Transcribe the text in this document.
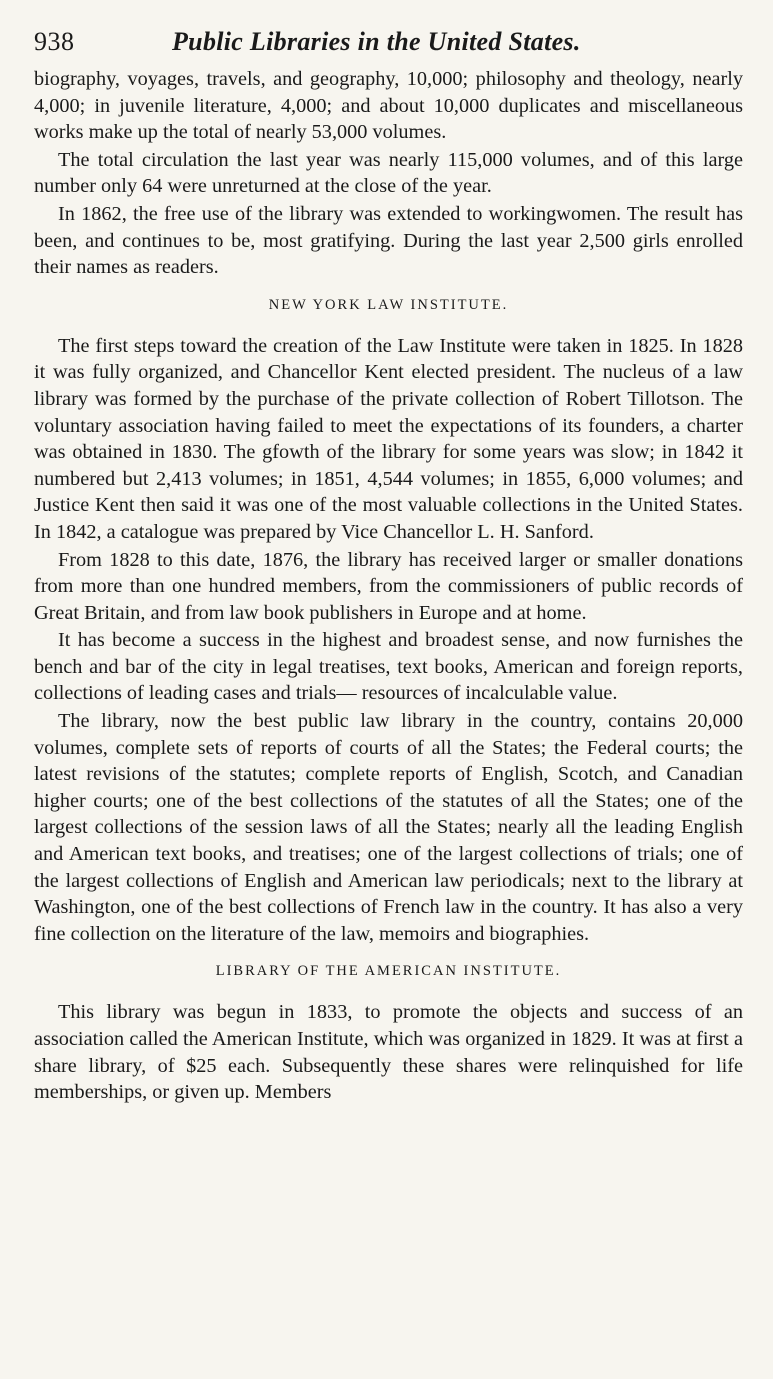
938	Public Libraries in the United States.

biography, voyages, travels, and geography, 10,000; philosophy and theology, nearly 4,000; in juvenile literature, 4,000; and about 10,000 duplicates and miscellaneous works make up the total of nearly 53,000 volumes.

The total circulation the last year was nearly 115,000 volumes, and of this large number only 64 were unreturned at the close of the year.

In 1862, the free use of the library was extended to workingwomen. The result has been, and continues to be, most gratifying. During the last year 2,500 girls enrolled their names as readers.

NEW YORK LAW INSTITUTE.

The first steps toward the creation of the Law Institute were taken in 1825. In 1828 it was fully organized, and Chancellor Kent elected president. The nucleus of a law library was formed by the purchase of the private collection of Robert Tillotson. The voluntary association having failed to meet the expectations of its founders, a charter was obtained in 1830. The gfowth of the library for some years was slow; in 1842 it numbered but 2,413 volumes; in 1851, 4,544 volumes; in 1855, 6,000 volumes; and Justice Kent then said it was one of the most valuable collections in the United States. In 1842, a catalogue was prepared by Vice Chancellor L. H. Sanford.

From 1828 to this date, 1876, the library has received larger or smaller donations from more than one hundred members, from the commissioners of public records of Great Britain, and from law book publishers in Europe and at home.

It has become a success in the highest and broadest sense, and now furnishes the bench and bar of the city in legal treatises, text books, American and foreign reports, collections of leading cases and trials— resources of incalculable value.

The library, now the best public law library in the country, contains 20,000 volumes, complete sets of reports of courts of all the States; the Federal courts; the latest revisions of the statutes; complete reports of English, Scotch, and Canadian higher courts; one of the best collections of the statutes of all the States; one of the largest collections of the session laws of all the States; nearly all the leading English and American text books, and treatises; one of the largest collections of trials; one of the largest collections of English and American law periodicals; next to the library at Washington, one of the best collections of French law in the country. It has also a very fine collection on the literature of the law, memoirs and biographies.

LIBRARY OF THE AMERICAN INSTITUTE.

This library was begun in 1833, to promote the objects and success of an association called the American Institute, which was organized in 1829. It was at first a share library, of $25 each. Subsequently these shares were relinquished for life memberships, or given up. Members
